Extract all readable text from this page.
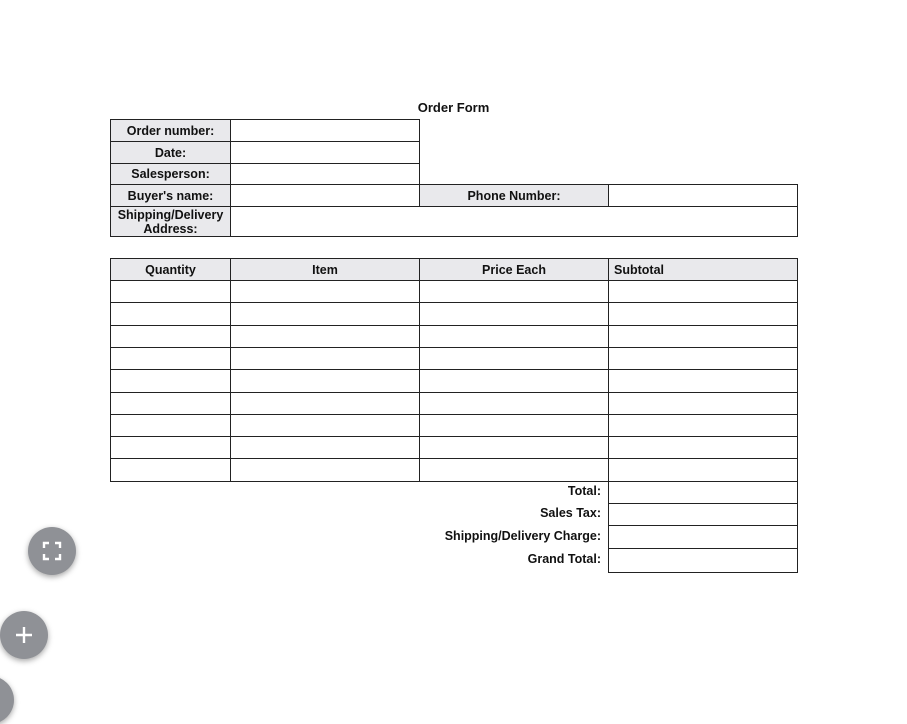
Order Form
Order number:
Date:
Salesperson:
Buyer's name:	Phone Number:
Shipping/Delivery
Address:
Quantity	Item	Price Each	Subtotal
Total:
Sales Tax:
Shipping/Delivery Charge:
Grand Total:
